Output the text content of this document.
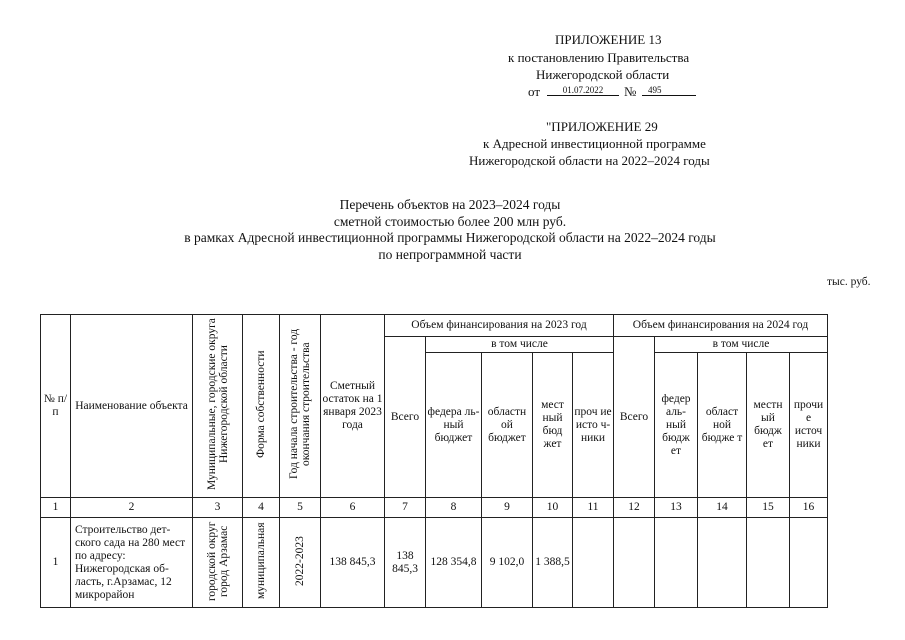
ПРИЛОЖЕНИЕ 13
к постановлению Правительства
Нижегородской области
от	01.07.2022	№	495
"ПРИЛОЖЕНИЕ 29
к Адресной инвестиционной программе
Нижегородской области на 2022–2024 годы
Перечень объектов на 2023–2024 годы
сметной стоимостью более 200 млн руб.
в рамках Адресной инвестиционной программы Нижегородской области на 2022–2024 годы
по непрограммной части
тыс. руб.
№ п/п	Наименование объекта	Муниципальные, городские округа Нижегородской области	Форма собственности	Год начала строительства - год окончания строительства	Сметный остаток на 1 января 2023 года	Объем финансирования на 2023 год					Объем финансирования на 2024 год				
						Всего	в том числе				Всего	в том числе			
							федера ль-ный бюджет	областн ой бюджет	мест ный бюд жет	проч ие исто ч-ники		федер аль-ный бюдж ет	област ной бюдже т	местн ый бюдж ет	прочи е источ ники
1	2	3	4	5	6	7	8	9	10	11	12	13	14	15	16
1	Строительство дет-ского сада на 280 мест по адресу: Нижегородская об-ласть, г.Арзамас, 12 микрорайон	городской округ город Арзамас	муниципальная	2022-2023	138 845,3	138 845,3	128 354,8	9 102,0	1 388,5						
